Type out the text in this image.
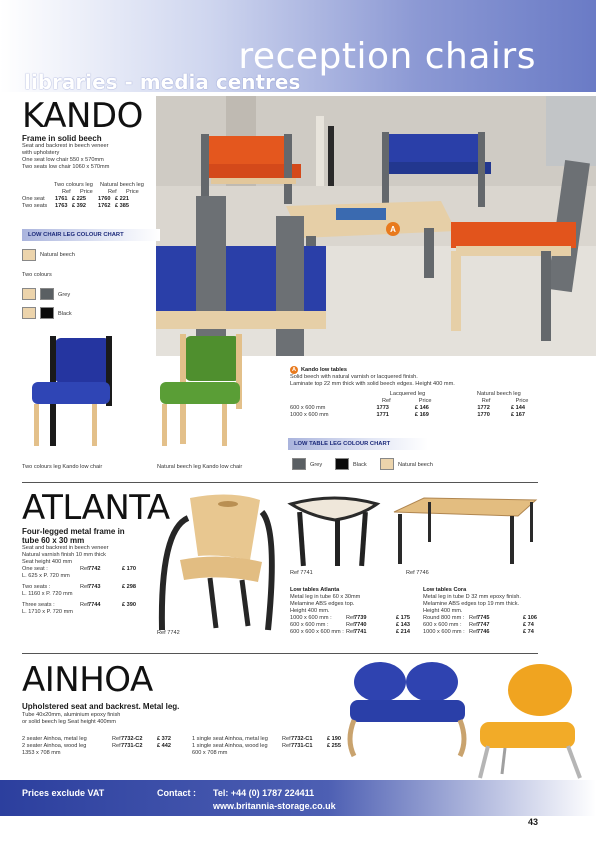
reception chairs
libraries - media centres
A
KANDO
Frame in solid beech
Seat and backrest in beech veneer
with upholstery
One seat low chair 550 x 570mm
Two seats low chair 1060 x 570mm
Two colours leg	Natural beech leg
Ref	Price	Ref	Price
One seat	1761 £ 225	1760 £ 221
Two seats	1763 £ 392	1762 £ 385
LOW CHAIR LEG COLOUR CHART
Natural beech
Two colours
Grey
Black
Two colours leg Kando low chair	Natural beech leg Kando low chair
A Kando low tables
Solid beech with natural varnish or lacquered finish.
Laminate top 22 mm thick with solid beech edges. Height 400 mm.
Lacquered leg	Natural beech leg
Ref	Price	Ref	Price
600 x 600 mm	1773	£ 146	1772	£ 144
1000 x 600 mm	1771	£ 169	1770	£ 167
LOW TABLE LEG COLOUR CHART
Grey	Black	Natural beech
ATLANTA
Four-legged metal frame in tube 60 x 30 mm
Seat and backrest in beech veneer
Natural varnish finish 10 mm thick
Seat height 400 mm
One seat :	Ref 7742	£ 170
L. 625 x P. 720 mm
Two seats :	Ref 7743	£ 298
L. 1160 x P. 720 mm
Three seats :	Ref 7744	£ 390
L. 1710 x P. 720 mm
Ref 7742
Ref 7741	Ref 7746
Low tables Atlanta
Metal leg in tube 60 x 30mm
Melamine ABS edges top.
Height 400 mm.
1000 x 600 mm :	Ref 7739	£ 175
600 x 600 mm :	Ref 7740	£ 143
600 x 600 x 600 mm : Ref 7741	£ 214
Low tables Cora
Metal leg in tube D 32 mm epoxy finish.
Melamine ABS edges top 19 mm thick.
Height 400 mm.
Round 800 mm : Ref 7745	£ 106
600 x 600 mm :	Ref 7747	£ 74
1000 x 600 mm : Ref 7746	£ 74
AINHOA
Upholstered seat and backrest. Metal leg.
Tube 40x20mm, aluminium epoxy finish
or solid beech leg Seat height 400mm
2 seater Ainhoa, metal leg	Ref 7732-C2	£ 372
2 seater Ainhoa, wood leg	Ref 7731-C2	£ 442
1353 x 708 mm
1 single seat Ainhoa, metal leg	Ref 7732-C1	£ 190
1 single seat Ainhoa, wood leg	Ref 7731-C1	£ 255
600 x 708 mm
Prices exclude VAT	Contact : Tel: +44 (0) 1787 224411
www.britannia-storage.co.uk
43
